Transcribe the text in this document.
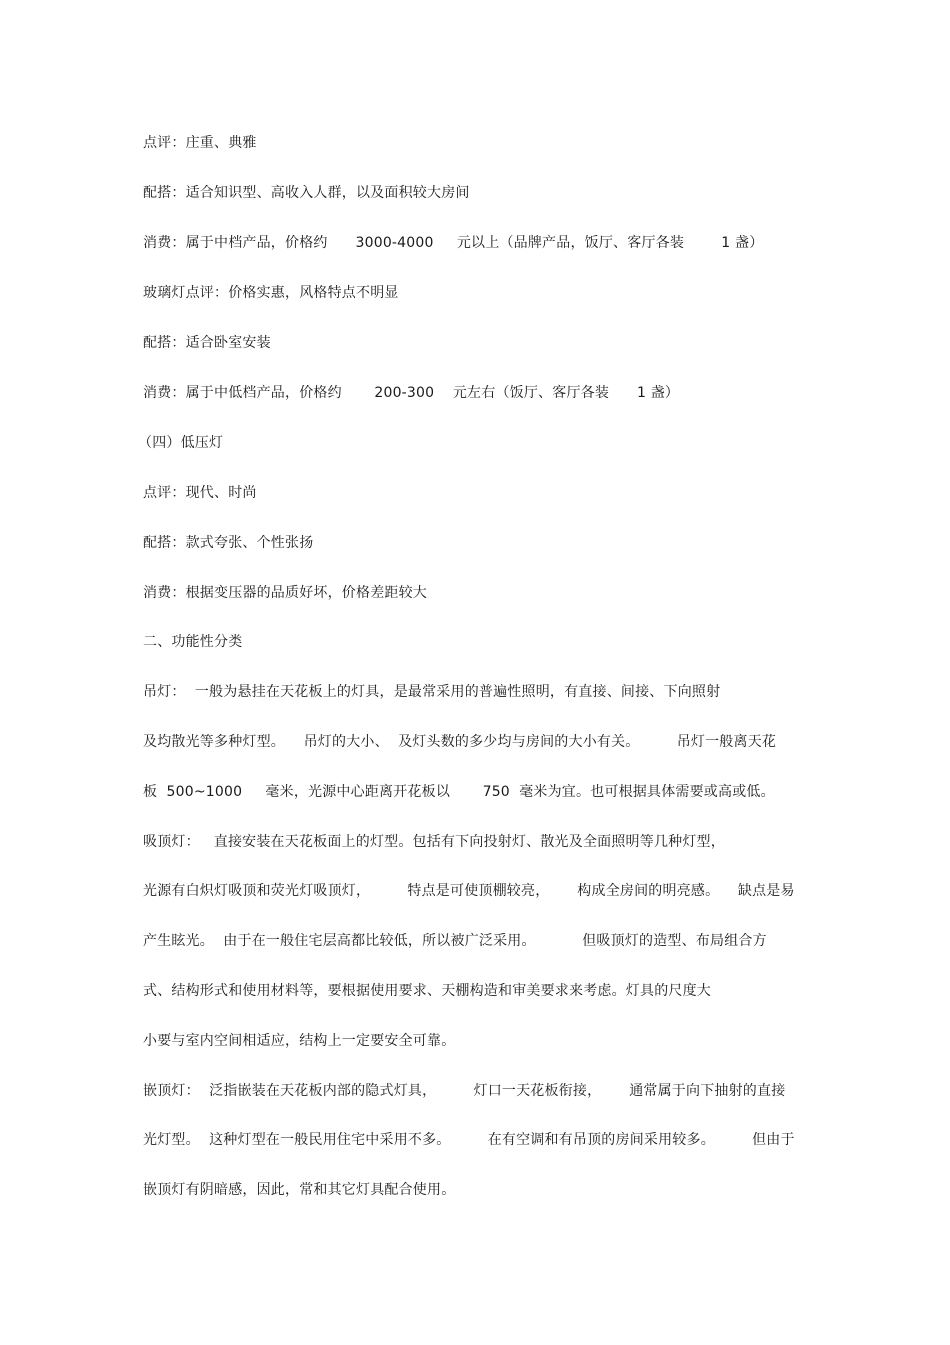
点评：庄重、典雅
配搭：适合知识型、高收入人群，以及面积较大房间
消费：属于中档产品，价格约      3000-4000     元以上（品牌产品，饭厅、客厅各装        1 盏）
玻璃灯点评：价格实惠，风格特点不明显
配搭：适合卧室安装
消费：属于中低档产品，价格约       200-300    元左右（饭厅、客厅各装      1 盏）
（四）低压灯
点评：现代、时尚
配搭：款式夸张、个性张扬
消费：根据变压器的品质好坏，价格差距较大
二、功能性分类
吊灯：  一般为悬挂在天花板上的灯具，是最常采用的普遍性照明，有直接、间接、下向照射
及均散光等多种灯型。    吊灯的大小、  及灯头数的多少均与房间的大小有关。        吊灯一般离天花
板  500~1000     毫米，光源中心距离开花板以       750  毫米为宜。也可根据具体需要或高或低。
吸顶灯：   直接安装在天花板面上的灯型。包括有下向投射灯、散光及全面照明等几种灯型，
光源有白炽灯吸顶和荧光灯吸顶灯，        特点是可使顶棚较亮，      构成全房间的明亮感。    缺点是易
产生眩光。  由于在一般住宅层高都比较低，所以被广泛采用。          但吸顶灯的造型、布局组合方
式、结构形式和使用材料等，要根据使用要求、天棚构造和审美要求来考虑。灯具的尺度大
小要与室内空间相适应，结构上一定要安全可靠。
嵌顶灯：  泛指嵌装在天花板内部的隐式灯具，        灯口一天花板衔接，      通常属于向下抽射的直接
光灯型。  这种灯型在一般民用住宅中采用不多。        在有空调和有吊顶的房间采用较多。        但由于
嵌顶灯有阴暗感，因此，常和其它灯具配合使用。
